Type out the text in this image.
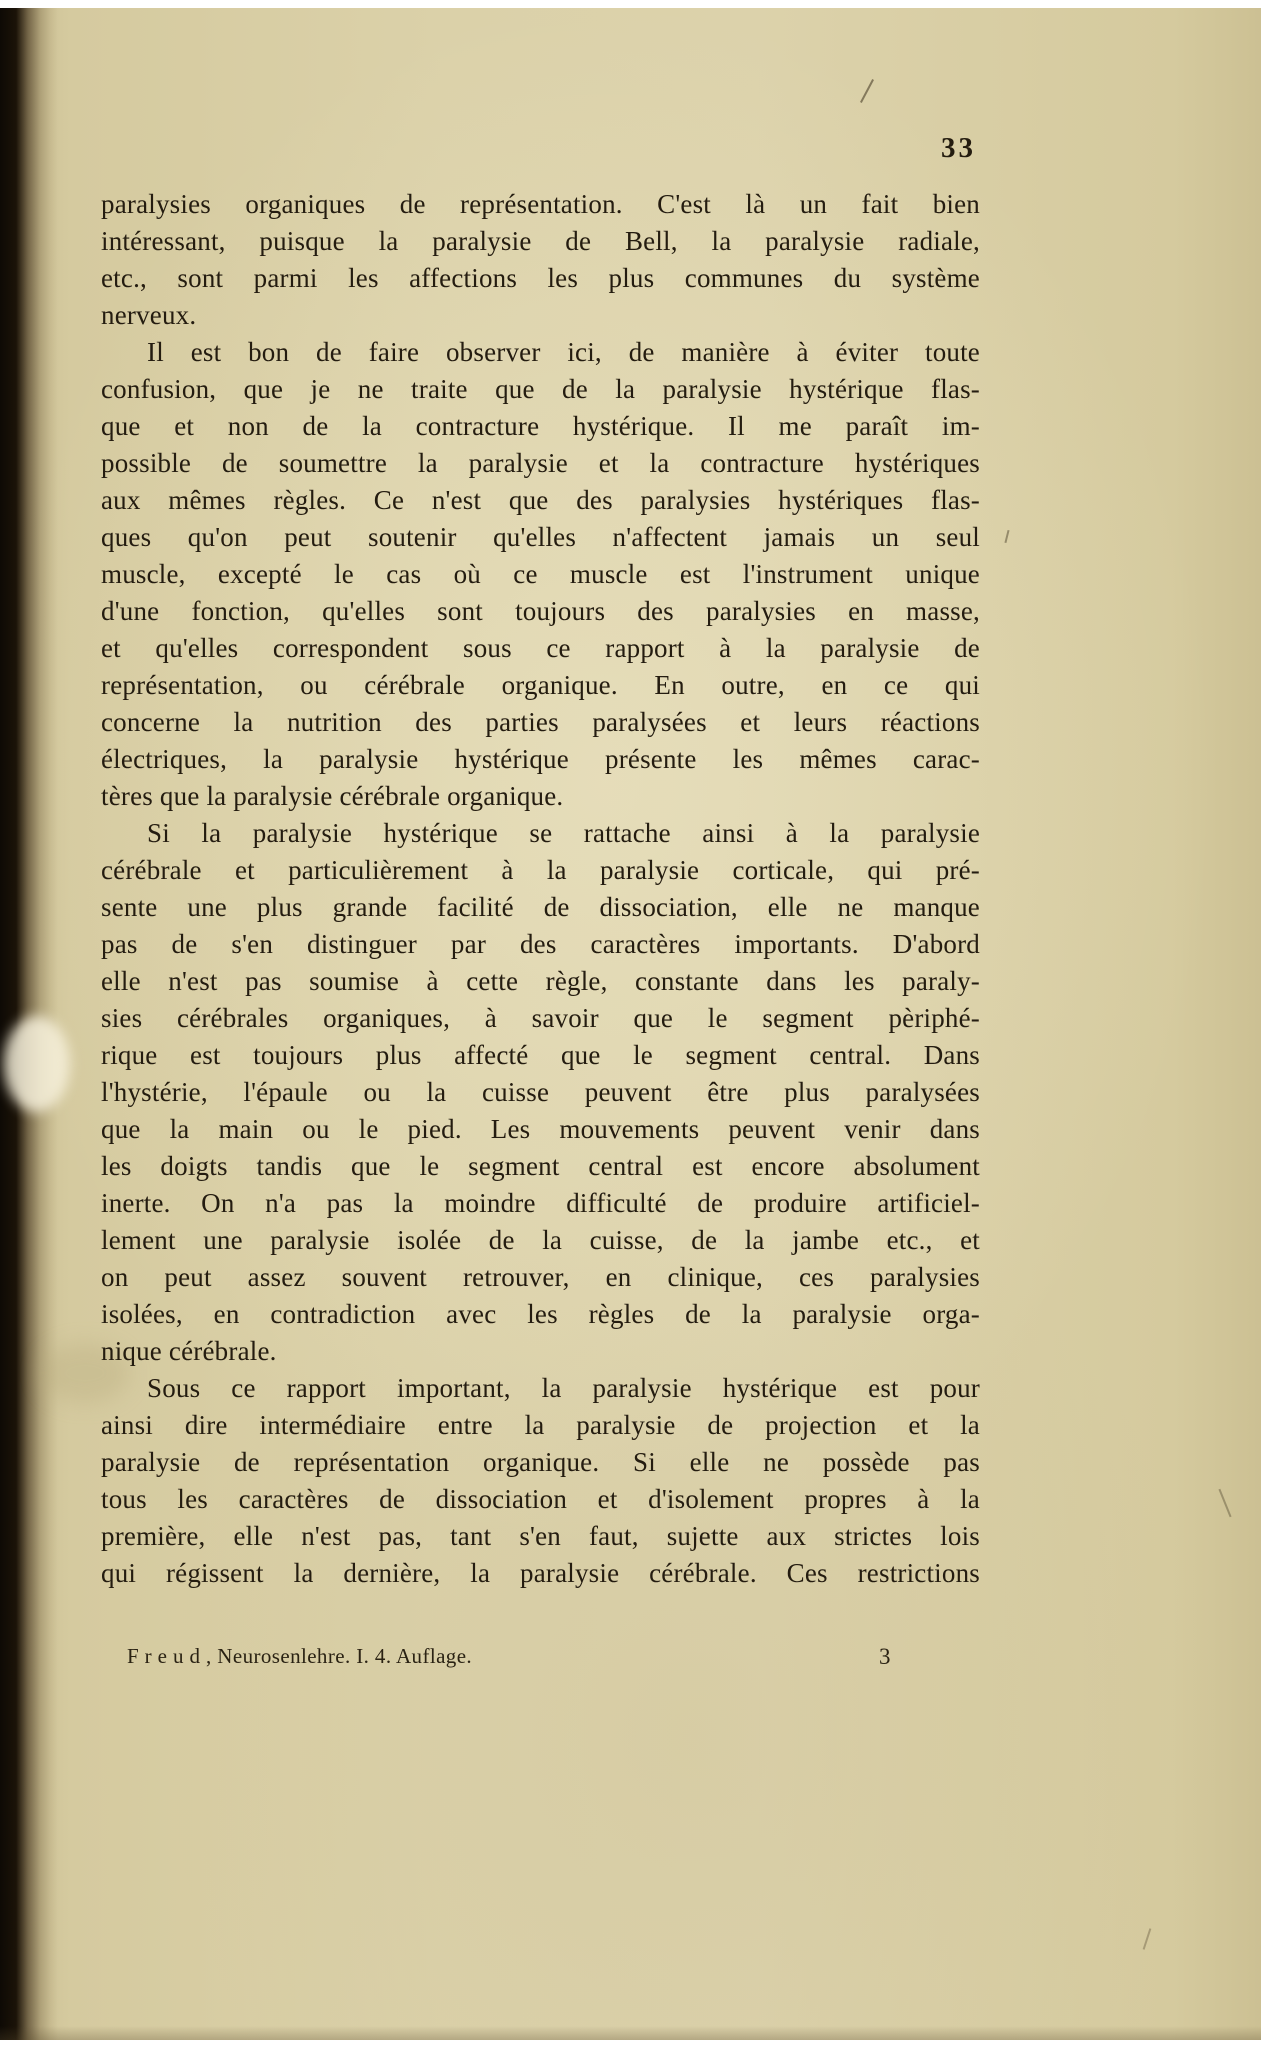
33
paralysies organiques de représentation. C'est là un fait bien
intéressant, puisque la paralysie de Bell, la paralysie radiale,
etc., sont parmi les affections les plus communes du système
nerveux.
Il est bon de faire observer ici, de manière à éviter toute
confusion, que je ne traite que de la paralysie hystérique flas-
que et non de la contracture hystérique. Il me paraît im-
possible de soumettre la paralysie et la contracture hystériques
aux mêmes règles. Ce n'est que des paralysies hystériques flas-
ques qu'on peut soutenir qu'elles n'affectent jamais un seul
muscle, excepté le cas où ce muscle est l'instrument unique
d'une fonction, qu'elles sont toujours des paralysies en masse,
et qu'elles correspondent sous ce rapport à la paralysie de
représentation, ou cérébrale organique. En outre, en ce qui
concerne la nutrition des parties paralysées et leurs réactions
électriques, la paralysie hystérique présente les mêmes carac-
tères que la paralysie cérébrale organique.
Si la paralysie hystérique se rattache ainsi à la paralysie
cérébrale et particulièrement à la paralysie corticale, qui pré-
sente une plus grande facilité de dissociation, elle ne manque
pas de s'en distinguer par des caractères importants. D'abord
elle n'est pas soumise à cette règle, constante dans les paraly-
sies cérébrales organiques, à savoir que le segment pèriphé-
rique est toujours plus affecté que le segment central. Dans
l'hystérie, l'épaule ou la cuisse peuvent être plus paralysées
que la main ou le pied. Les mouvements peuvent venir dans
les doigts tandis que le segment central est encore absolument
inerte. On n'a pas la moindre difficulté de produire artificiel-
lement une paralysie isolée de la cuisse, de la jambe etc., et
on peut assez souvent retrouver, en clinique, ces paralysies
isolées, en contradiction avec les règles de la paralysie orga-
nique cérébrale.
Sous ce rapport important, la paralysie hystérique est pour
ainsi dire intermédiaire entre la paralysie de projection et la
paralysie de représentation organique. Si elle ne possède pas
tous les caractères de dissociation et d'isolement propres à la
première, elle n'est pas, tant s'en faut, sujette aux strictes lois
qui régissent la dernière, la paralysie cérébrale. Ces restrictions
Freud, Neurosenlehre. I. 4. Auflage.	3
